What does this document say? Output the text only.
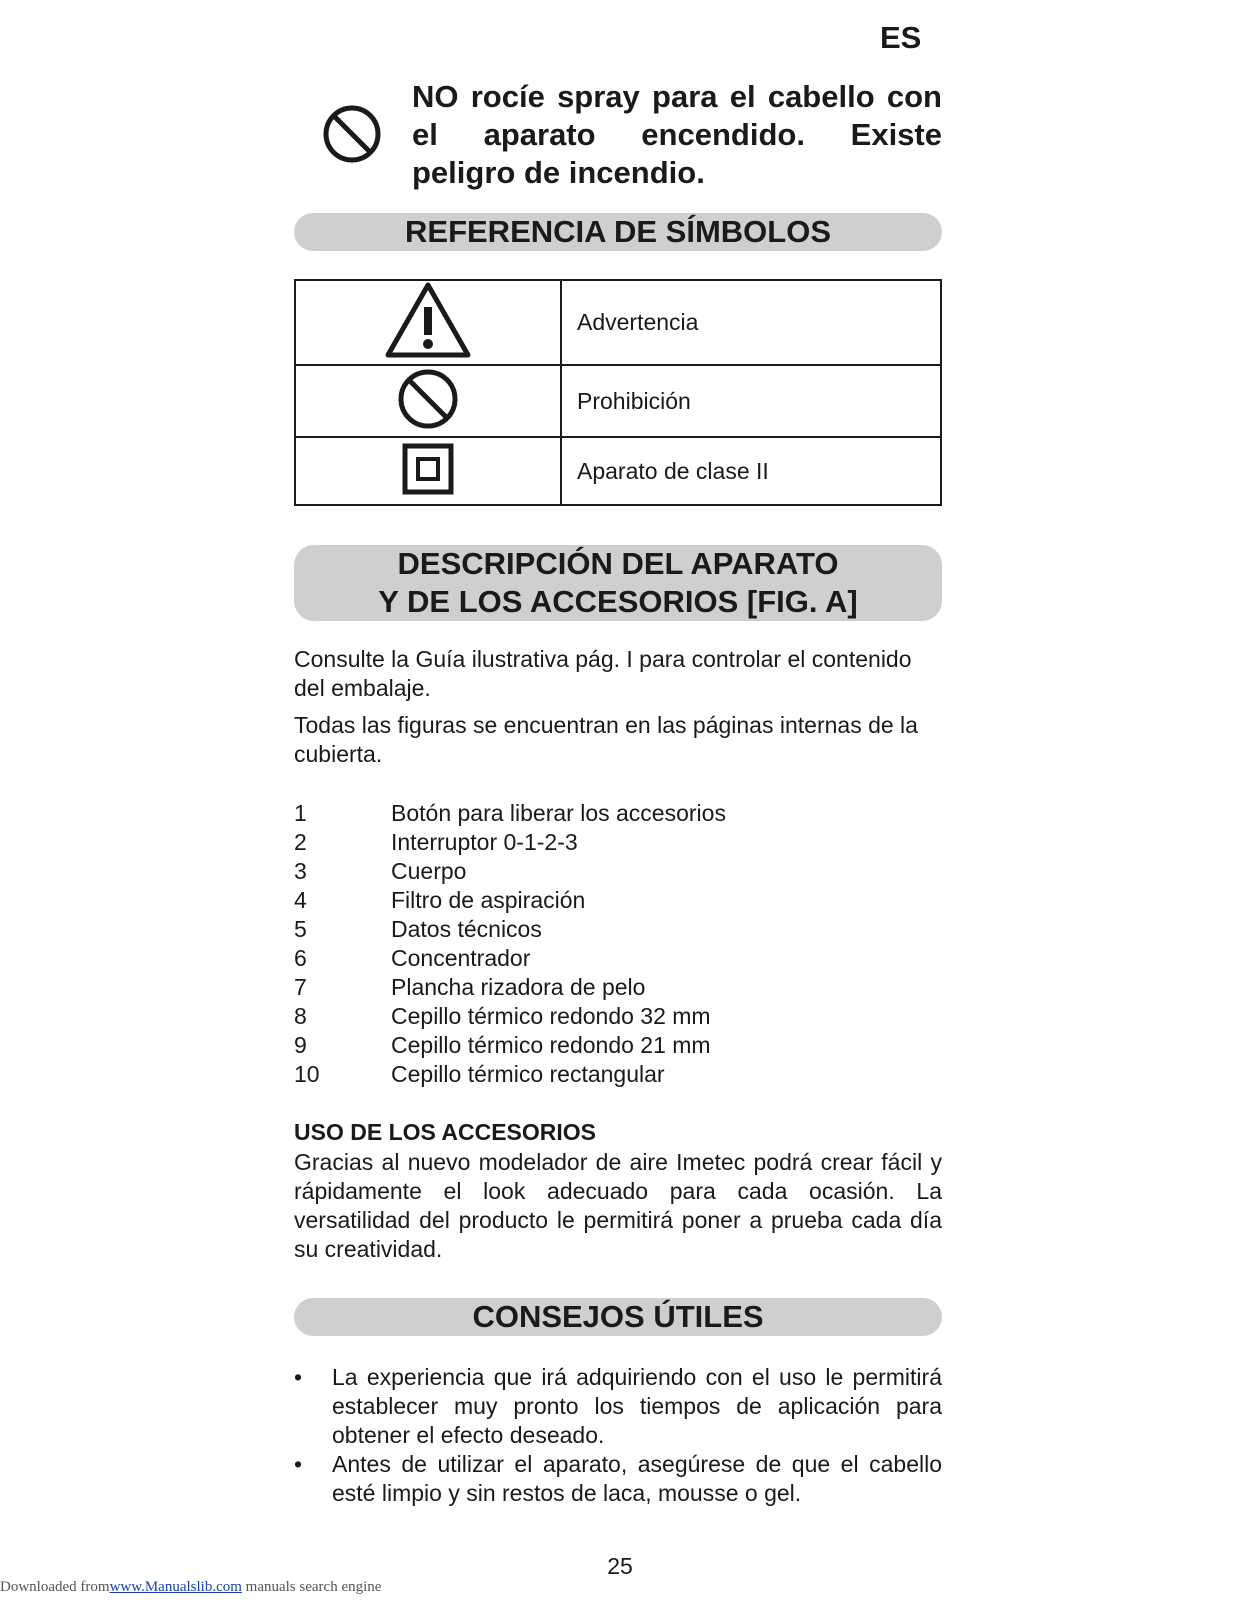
ES
NO rocíe spray para el cabello con el aparato encendido. Existe peligro de incendio.
REFERENCIA DE SÍMBOLOS
	Advertencia
	Prohibición
	Aparato de clase II
DESCRIPCIÓN DEL APARATO
Y DE LOS ACCESORIOS [FIG. A]
Consulte la Guía ilustrativa pág. I para controlar el contenido del embalaje.
Todas las figuras se encuentran en las páginas internas de la cubierta.
1	Botón para liberar los accesorios
2	Interruptor 0-1-2-3
3	Cuerpo
4	Filtro de aspiración
5	Datos técnicos
6	Concentrador
7	Plancha rizadora de pelo
8	Cepillo térmico redondo 32 mm
9	Cepillo térmico redondo 21 mm
10	Cepillo térmico rectangular
USO DE LOS ACCESORIOS
Gracias al nuevo modelador de aire Imetec podrá crear fácil y rápidamente el look adecuado para cada ocasión. La versatilidad del producto le permitirá poner a prueba cada día su creatividad.
CONSEJOS ÚTILES
• La experiencia que irá adquiriendo con el uso le permitirá establecer muy pronto los tiempos de aplicación para obtener el efecto deseado.
• Antes de utilizar el aparato, asegúrese de que el cabello esté limpio y sin restos de laca, mousse o gel.
25
Downloaded fromwww.Manualslib.com manuals search engine
